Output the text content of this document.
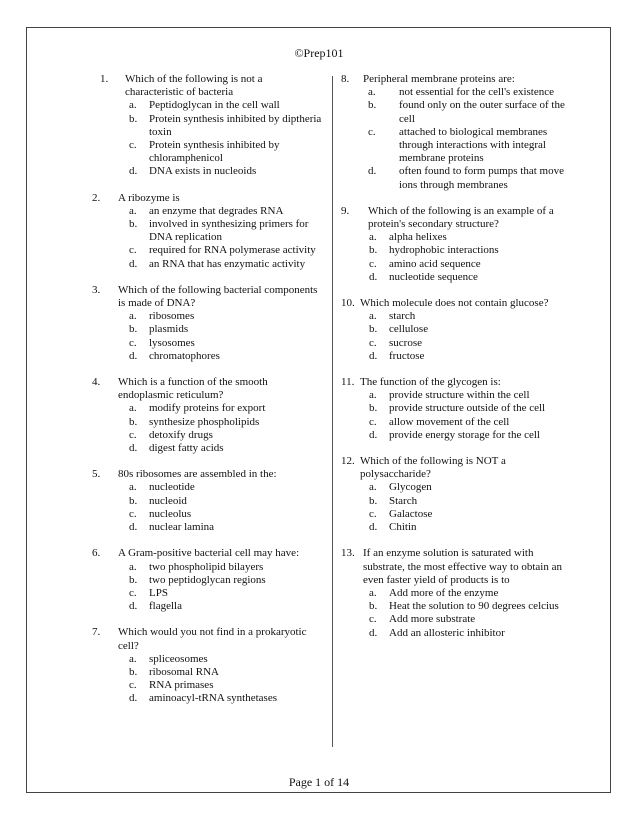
©Prep101
1.	Which of the following is not a characteristic of bacteria
a.	Peptidoglycan in the cell wall
b.	Protein synthesis inhibited by diptheria toxin
c.	Protein synthesis inhibited by chloramphenicol
d.	DNA exists in nucleoids
2.	A ribozyme is
a.	an enzyme that degrades RNA
b.	involved in synthesizing primers for DNA replication
c.	required for RNA polymerase activity
d.	an RNA that has enzymatic activity
3.	Which of the following bacterial components is made of DNA?
a.	ribosomes
b.	plasmids
c.	lysosomes
d.	chromatophores
4.	Which is a function of the smooth endoplasmic reticulum?
a.	modify proteins for export
b.	synthesize phospholipids
c.	detoxify drugs
d.	digest fatty acids
5.	80s ribosomes are assembled in the:
a.	nucleotide
b.	nucleoid
c.	nucleolus
d.	nuclear lamina
6.	A Gram-positive bacterial cell may have:
a.	two phospholipid bilayers
b.	two peptidoglycan regions
c.	LPS
d.	flagella
7.	Which would you not find in a prokaryotic cell?
a.	spliceosomes
b.	ribosomal RNA
c.	RNA primases
d.	aminoacyl-tRNA synthetases
8.	Peripheral membrane proteins are:
a.	not essential for the cell's existence
b.	found only on the outer surface of the cell
c.	attached to biological membranes through interactions with integral membrane proteins
d.	often found to form pumps that move ions through membranes
9.	Which of the following is an example of a protein's secondary structure?
a.	alpha helixes
b.	hydrophobic interactions
c.	amino acid sequence
d.	nucleotide sequence
10. Which molecule does not contain glucose?
a.	starch
b.	cellulose
c.	sucrose
d.	fructose
11. The function of the glycogen is:
a.	provide structure within the cell
b.	provide structure outside of the cell
c.	allow movement of the cell
d.	provide energy storage for the cell
12. Which of the following is NOT a polysaccharide?
a.	Glycogen
b.	Starch
c.	Galactose
d.	Chitin
13. If an enzyme solution is saturated with substrate, the most effective way to obtain an even faster yield of products is to
a.	Add more of the enzyme
b.	Heat the solution to 90 degrees celcius
c.	Add more substrate
d.	Add an allosteric inhibitor
Page 1 of 14
